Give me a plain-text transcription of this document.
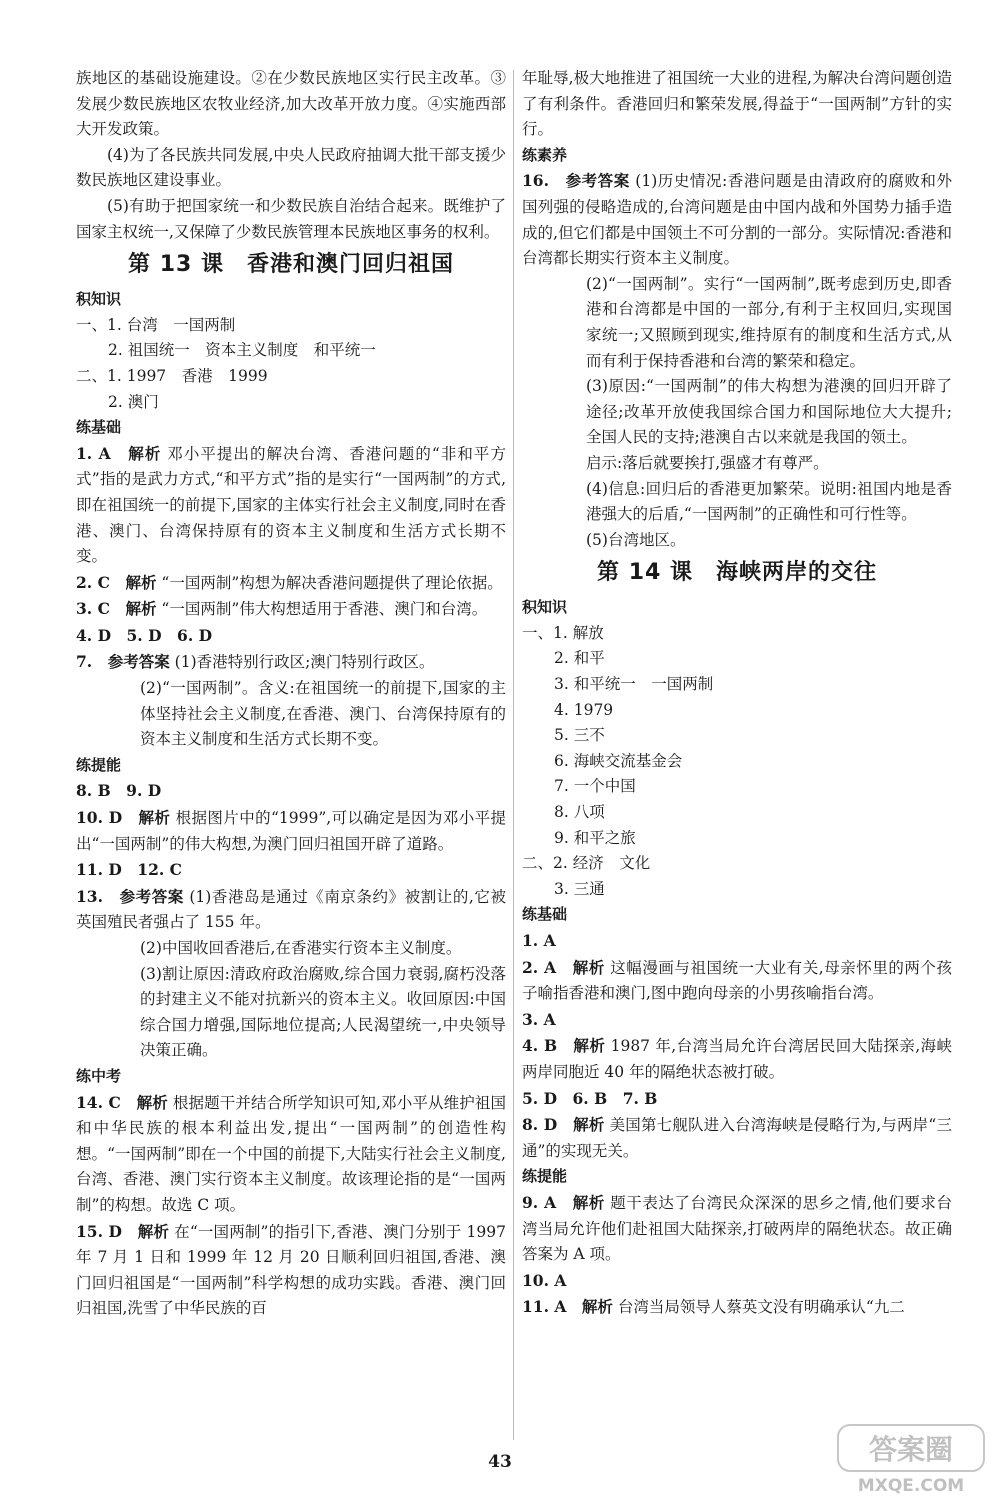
族地区的基础设施建设。②在少数民族地区实行民主改革。③发展少数民族地区农牧业经济,加大改革开放力度。④实施西部大开发政策。

(4)为了各民族共同发展,中央人民政府抽调大批干部支援少数民族地区建设事业。

(5)有助于把国家统一和少数民族自治结合起来。既维护了国家主权统一,又保障了少数民族管理本民族地区事务的权利。

第 13 课　香港和澳门回归祖国
积知识

一、1. 台湾　一国两制

2. 祖国统一　资本主义制度　和平统一

二、1. 1997　香港　1999

2. 澳门

练基础

1. A　 解析 邓小平提出的解决台湾、香港问题的“非和平方式”指的是武力方式,“和平方式”指的是实行“一国两制”的方式,即在祖国统一的前提下,国家的主体实行社会主义制度,同时在香港、澳门、台湾保持原有的资本主义制度和生活方式长期不变。

2. C　 解析 “一国两制”构想为解决香港问题提供了理论依据。

3. C　 解析 “一国两制”伟大构想适用于香港、澳门和台湾。

4. D　5. D　6. D

7.　 参考答案 (1)香港特别行政区;澳门特别行政区。

(2)“一国两制”。含义:在祖国统一的前提下,国家的主体坚持社会主义制度,在香港、澳门、台湾保持原有的资本主义制度和生活方式长期不变。

练提能

8. B　9. D

10. D　 解析 根据图片中的“1999”,可以确定是因为邓小平提出“一国两制”的伟大构想,为澳门回归祖国开辟了道路。

11. D　12. C

13.　 参考答案 (1)香港岛是通过《南京条约》被割让的,它被英国殖民者强占了 155 年。

(2)中国收回香港后,在香港实行资本主义制度。

(3)割让原因:清政府政治腐败,综合国力衰弱,腐朽没落的封建主义不能对抗新兴的资本主义。收回原因:中国综合国力增强,国际地位提高;人民渴望统一,中央领导决策正确。

练中考

14. C　 解析 根据题干并结合所学知识可知,邓小平从维护祖国和中华民族的根本利益出发,提出“一国两制”的创造性构想。“一国两制”即在一个中国的前提下,大陆实行社会主义制度,台湾、香港、澳门实行资本主义制度。故该理论指的是“一国两制”的构想。故选 C 项。

15. D　 解析 在“一国两制”的指引下,香港、澳门分别于 1997 年 7 月 1 日和 1999 年 12 月 20 日顺利回归祖国,香港、澳门回归祖国是“一国两制”科学构想的成功实践。香港、澳门回归祖国,洗雪了中华民族的百

年耻辱,极大地推进了祖国统一大业的进程,为解决台湾问题创造了有利条件。香港回归和繁荣发展,得益于“一国两制”方针的实行。

练素养

16.　 参考答案 (1)历史情况:香港问题是由清政府的腐败和外国列强的侵略造成的,台湾问题是由中国内战和外国势力插手造成的,但它们都是中国领土不可分割的一部分。实际情况:香港和台湾都长期实行资本主义制度。

(2)“一国两制”。实行“一国两制”,既考虑到历史,即香港和台湾都是中国的一部分,有利于主权回归,实现国家统一;又照顾到现实,维持原有的制度和生活方式,从而有利于保持香港和台湾的繁荣和稳定。

(3)原因:“一国两制”的伟大构想为港澳的回归开辟了途径;改革开放使我国综合国力和国际地位大大提升;全国人民的支持;港澳自古以来就是我国的领土。

启示:落后就要挨打,强盛才有尊严。

(4)信息:回归后的香港更加繁荣。说明:祖国内地是香港强大的后盾,“一国两制”的正确性和可行性等。

(5)台湾地区。

第 14 课　海峡两岸的交往
积知识

一、1. 解放

2. 和平

3. 和平统一　一国两制

4. 1979

5. 三不

6. 海峡交流基金会

7. 一个中国

8. 八项

9. 和平之旅

二、2. 经济　文化

3. 三通

练基础

1. A

2. A　 解析 这幅漫画与祖国统一大业有关,母亲怀里的两个孩子喻指香港和澳门,图中跑向母亲的小男孩喻指台湾。

3. A

4. B　 解析 1987 年,台湾当局允许台湾居民回大陆探亲,海峡两岸同胞近 40 年的隔绝状态被打破。

5. D　6. B　7. B

8. D　 解析 美国第七舰队进入台湾海峡是侵略行为,与两岸“三通”的实现无关。

练提能

9. A　 解析 题干表达了台湾民众深深的思乡之情,他们要求台湾当局允许他们赴祖国大陆探亲,打破两岸的隔绝状态。故正确答案为 A 项。

10. A

11. A　 解析 台湾当局领导人蔡英文没有明确承认“九二

43	答案圈
MXQE.COM
